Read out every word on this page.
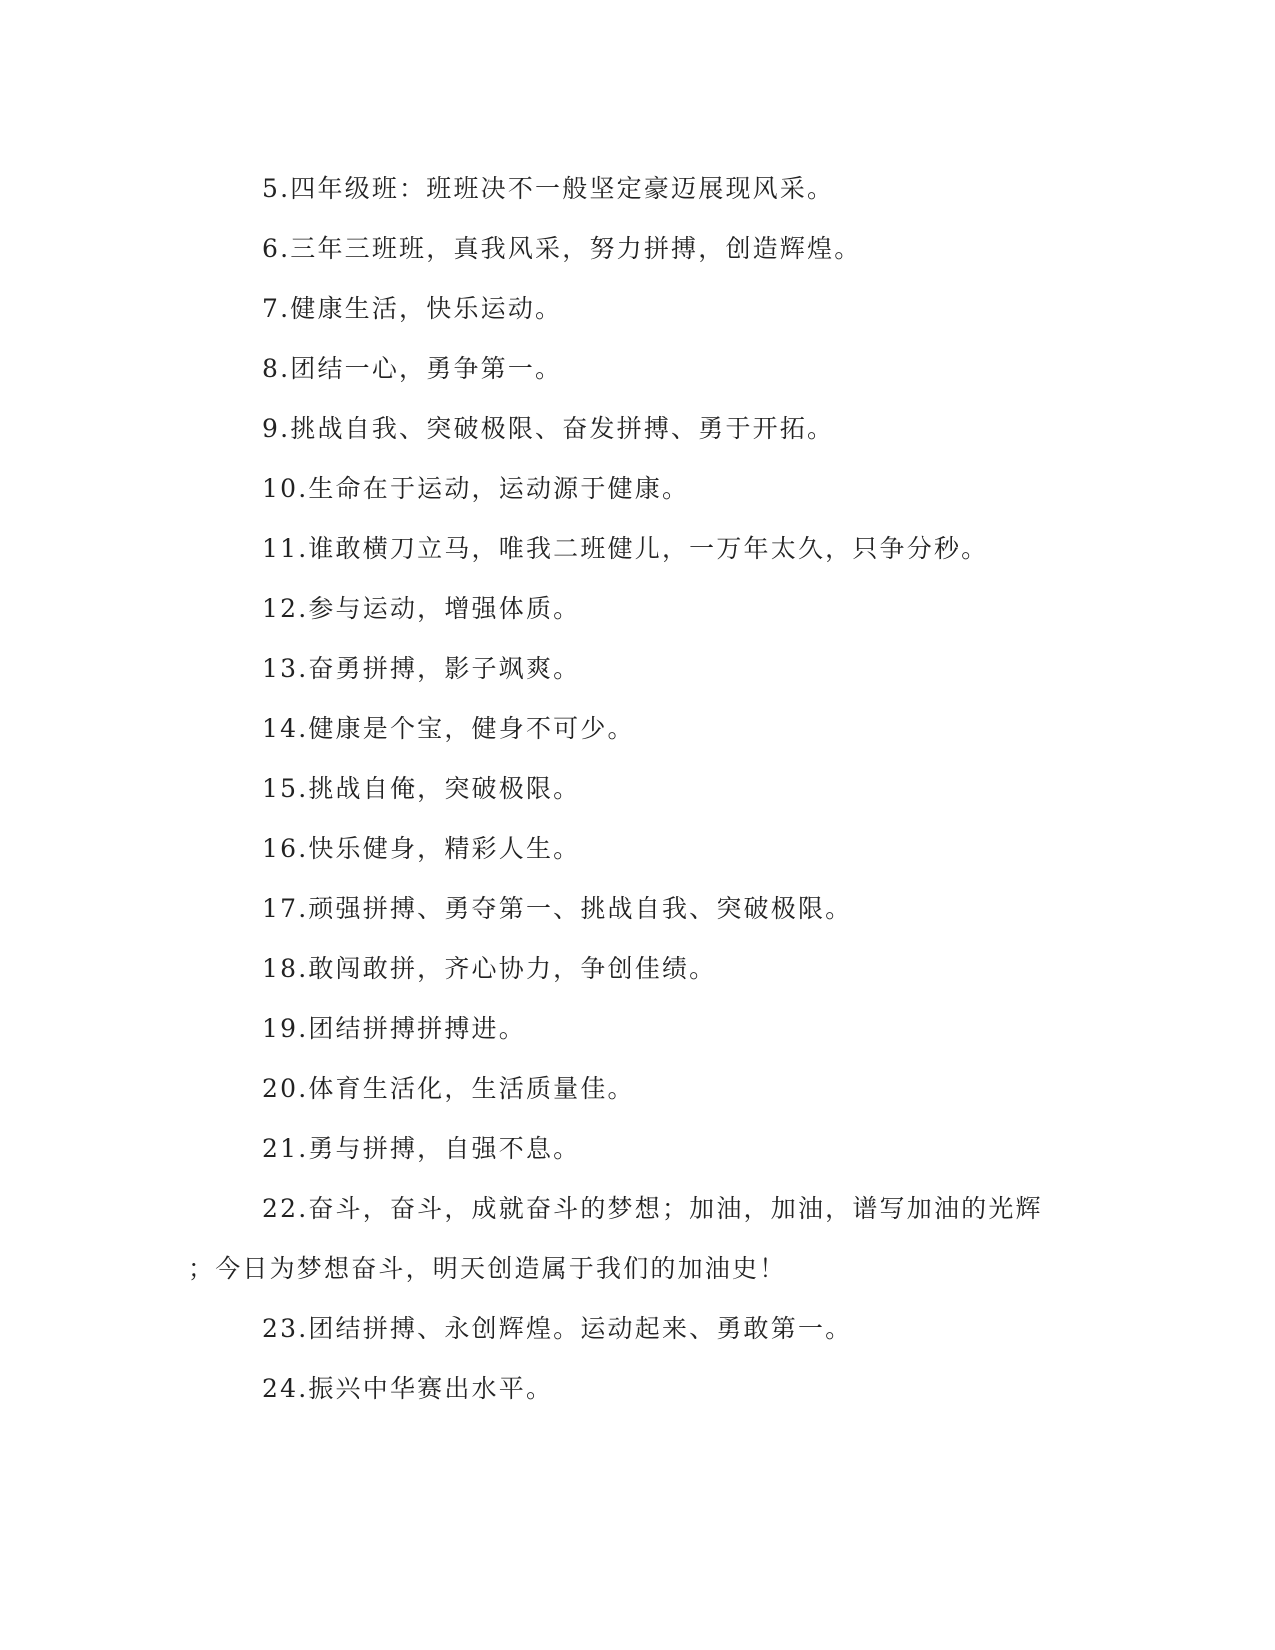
5.四年级班：班班决不一般坚定豪迈展现风采。
6.三年三班班，真我风采，努力拼搏，创造辉煌。
7.健康生活，快乐运动。
8.团结一心，勇争第一。
9.挑战自我、突破极限、奋发拼搏、勇于开拓。
10.生命在于运动，运动源于健康。
11.谁敢横刀立马，唯我二班健儿，一万年太久，只争分秒。
12.参与运动，增强体质。
13.奋勇拼搏，影子飒爽。
14.健康是个宝，健身不可少。
15.挑战自俺，突破极限。
16.快乐健身，精彩人生。
17.顽强拼搏、勇夺第一、挑战自我、突破极限。
18.敢闯敢拼，齐心协力，争创佳绩。
19.团结拼搏拼搏进。
20.体育生活化，生活质量佳。
21.勇与拼搏，自强不息。
22.奋斗，奋斗，成就奋斗的梦想；加油，加油，谱写加油的光辉
；今日为梦想奋斗，明天创造属于我们的加油史！
23.团结拼搏、永创辉煌。运动起来、勇敢第一。
24.振兴中华赛出水平。
